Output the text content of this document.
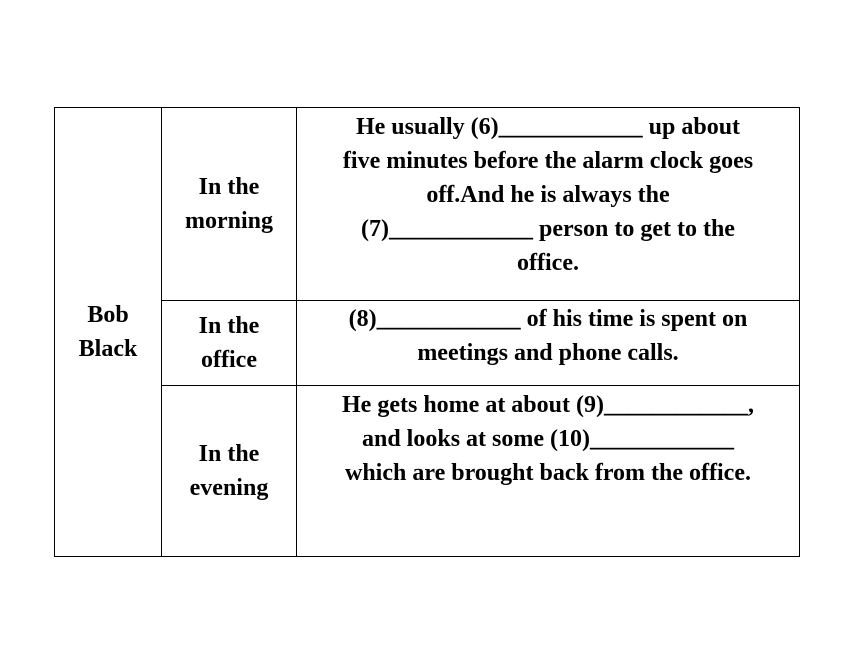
Bob
Black
In the
morning
He usually (6)____________ up about
five minutes before the alarm clock goes
off.And he is always the
(7)____________ person to get to the
office.
In the
office
(8)____________ of his time is spent on
meetings and phone calls.
In the
evening
He gets home at about (9)____________,
and looks at some (10)____________
which are brought back from the office.
